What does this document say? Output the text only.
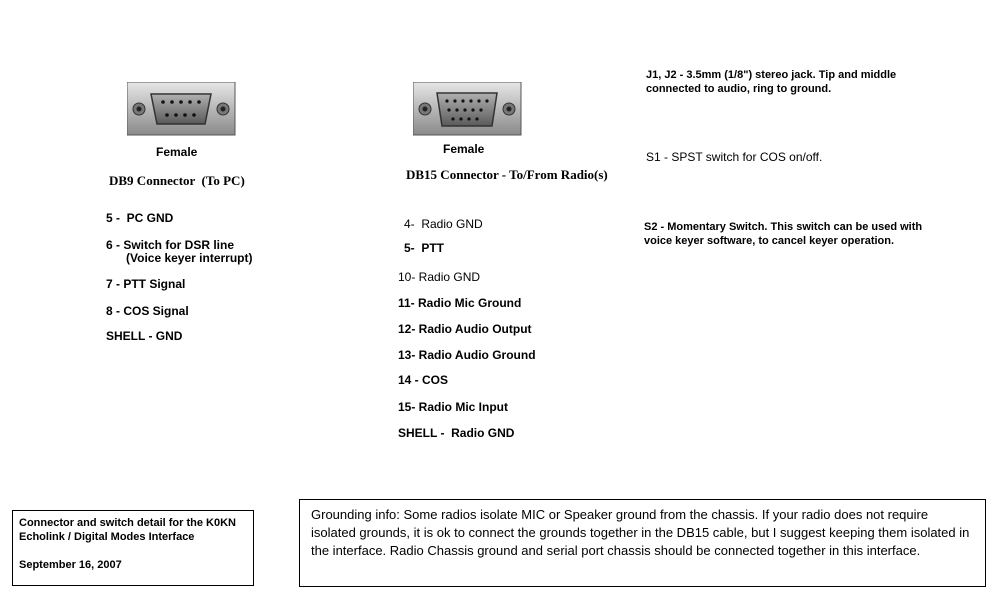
Female
DB9 Connector  (To PC)
5 -  PC GND
6 - Switch for DSR line
(Voice keyer interrupt)
7 - PTT Signal
8 - COS Signal
SHELL - GND
Female
DB15 Connector - To/From Radio(s)
4-  Radio GND
5-  PTT
10- Radio GND
11- Radio Mic Ground
12- Radio Audio Output
13- Radio Audio Ground
14 - COS
15- Radio Mic Input
SHELL -  Radio GND
J1, J2 - 3.5mm (1/8") stereo jack. Tip and middle connected to audio, ring to ground.
S1 - SPST switch for COS on/off.
S2 - Momentary Switch. This switch can be used with voice keyer software, to cancel keyer operation.
Connector and switch detail for the K0KN
Echolink / Digital Modes Interface
September 16, 2007
Grounding info: Some radios isolate MIC or Speaker ground from the chassis. If your radio does not require isolated grounds, it is ok to connect the grounds together in the DB15 cable, but I suggest keeping them isolated in the interface. Radio Chassis ground and serial port chassis should be connected together in this interface.
